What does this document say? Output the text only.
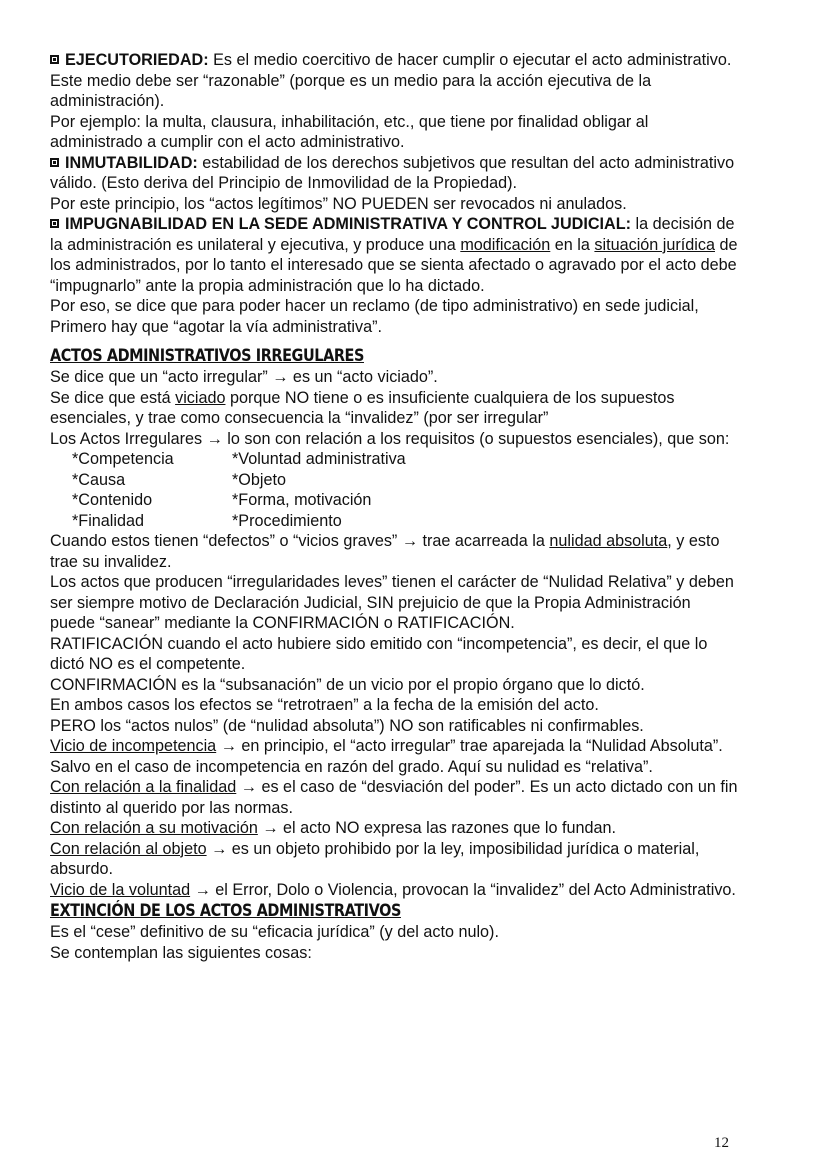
EJECUTORIEDAD: Es el medio coercitivo de hacer cumplir o ejecutar el acto administrativo.

Este medio debe ser “razonable” (porque es un medio para la acción ejecutiva de la administración).

Por ejemplo: la multa, clausura, inhabilitación, etc., que tiene por finalidad obligar al administrado a cumplir con el acto administrativo.

INMUTABILIDAD: estabilidad de los derechos subjetivos que resultan del acto administrativo válido. (Esto deriva del Principio de Inmovilidad de la Propiedad).

Por este principio, los “actos legítimos” NO PUEDEN ser revocados ni anulados.

IMPUGNABILIDAD EN LA SEDE ADMINISTRATIVA Y CONTROL JUDICIAL: la decisión de la administración es unilateral y ejecutiva, y produce una modificación en la situación jurídica de los administrados, por lo tanto el interesado que se sienta afectado o agravado por el acto debe “impugnarlo” ante la propia administración que lo ha dictado.

Por eso, se dice que para poder hacer un reclamo (de tipo administrativo) en sede judicial, Primero hay que “agotar la vía administrativa”.

ACTOS ADMINISTRATIVOS IRREGULARES

Se dice que un “acto irregular” → es un “acto viciado”.

Se dice que está viciado porque NO tiene o es insuficiente cualquiera de los supuestos esenciales, y trae como consecuencia la “invalidez” (por ser irregular”

Los Actos Irregulares → lo son con relación a los requisitos (o supuestos esenciales), que son:

*Competencia	*Voluntad administrativa
*Causa	*Objeto
*Contenido	*Forma, motivación
*Finalidad	*Procedimiento

Cuando estos tienen “defectos” o “vicios graves” → trae acarreada la nulidad absoluta, y esto trae su invalidez.

Los actos que producen “irregularidades leves” tienen el carácter de “Nulidad Relativa” y deben ser siempre motivo de Declaración Judicial, SIN prejuicio de que la Propia Administración puede “sanear” mediante la CONFIRMACIÓN o RATIFICACIÓN.

RATIFICACIÓN cuando el acto hubiere sido emitido con “incompetencia”, es decir, el que lo dictó NO es el competente.

CONFIRMACIÓN es la “subsanación” de un vicio por el propio órgano que lo dictó.

En ambos casos los efectos se “retrotraen” a la fecha de la emisión del acto.

PERO los “actos nulos” (de “nulidad absoluta”) NO son ratificables ni confirmables.

Vicio de incompetencia → en principio, el “acto irregular” trae aparejada la “Nulidad Absoluta”.

Salvo en el caso de incompetencia en razón del grado. Aquí su nulidad es “relativa”.

Con relación a la finalidad → es el caso de “desviación del poder”. Es un acto dictado con un fin distinto al querido por las normas.

Con relación a su motivación → el acto NO expresa las razones que lo fundan.

Con relación al objeto → es un objeto prohibido por la ley, imposibilidad jurídica o material, absurdo.

Vicio de la voluntad → el Error, Dolo o Violencia, provocan la “invalidez” del Acto Administrativo.

EXTINCIÓN DE LOS ACTOS ADMINISTRATIVOS

Es el “cese” definitivo de su “eficacia jurídica” (y del acto nulo).

Se contemplan las siguientes cosas:

12
